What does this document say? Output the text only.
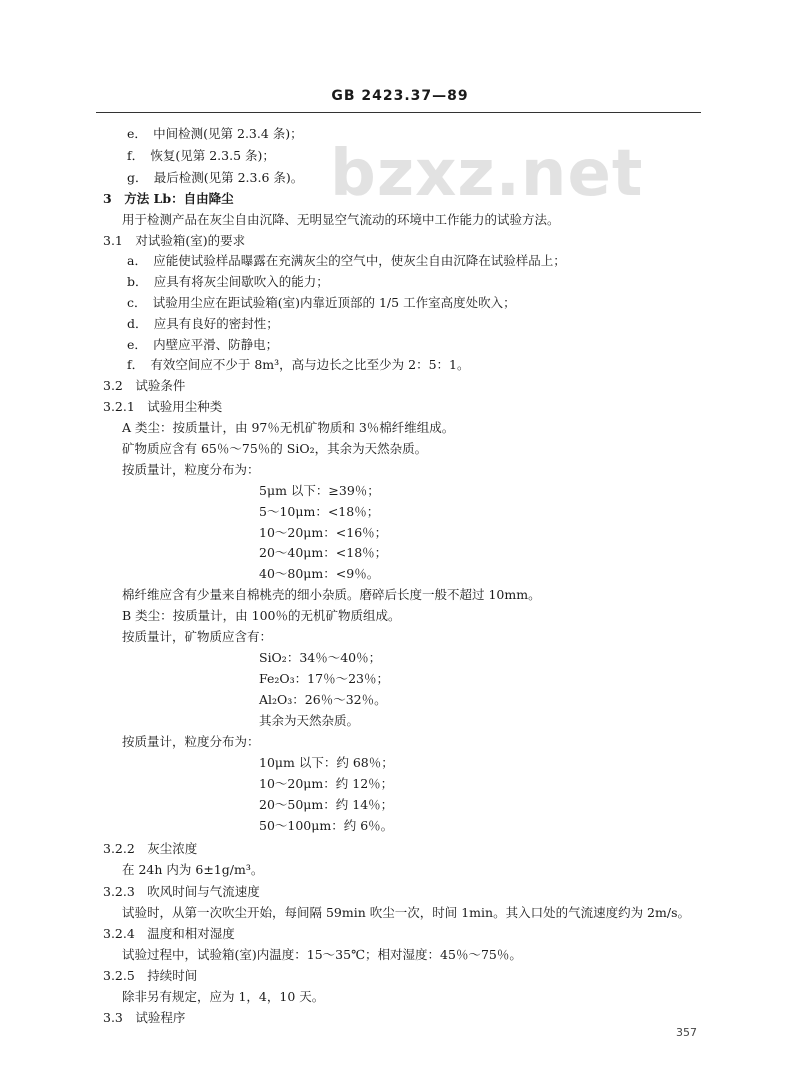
GB 2423.37—89
bzxz.net
e．　中间检测(见第 2.3.4 条)；
f．　恢复(见第 2.3.5 条)；
g．　最后检测(见第 2.3.6 条)。
3　方法 Lb：自由降尘
用于检测产品在灰尘自由沉降、无明显空气流动的环境中工作能力的试验方法。
3.1　对试验箱(室)的要求
a．　应能使试验样品曝露在充满灰尘的空气中，使灰尘自由沉降在试验样品上；
b．　应具有将灰尘间歇吹入的能力；
c．　试验用尘应在距试验箱(室)内靠近顶部的 1/5 工作室高度处吹入；
d．　应具有良好的密封性；
e．　内壁应平滑、防静电；
f．　有效空间应不少于 8m³，高与边长之比至少为 2：5：1。
3.2　试验条件
3.2.1　试验用尘种类
A 类尘：按质量计，由 97％无机矿物质和 3％棉纤维组成。
矿物质应含有 65％～75％的 SiO₂，其余为天然杂质。
按质量计，粒度分布为：
5μm 以下：≥39％；
5～10μm：<18％；
10～20μm：<16％；
20～40μm：<18％；
40～80μm：<9％。
棉纤维应含有少量来自棉桃壳的细小杂质。磨碎后长度一般不超过 10mm。
B 类尘：按质量计，由 100％的无机矿物质组成。
按质量计，矿物质应含有：
SiO₂：34％～40％；
Fe₂O₃：17％～23％；
Al₂O₃：26％～32％。
其余为天然杂质。
按质量计，粒度分布为：
10μm 以下：约 68％；
10～20μm：约 12％；
20～50μm：约 14％；
50～100μm：约 6％。
3.2.2　灰尘浓度
在 24h 内为 6±1g/m³。
3.2.3　吹风时间与气流速度
试验时，从第一次吹尘开始，每间隔 59min 吹尘一次，时间 1min。其入口处的气流速度约为 2m/s。
3.2.4　温度和相对湿度
试验过程中，试验箱(室)内温度：15～35℃；相对湿度：45％～75％。
3.2.5　持续时间
除非另有规定，应为 1，4，10 天。
3.3　试验程序
357
